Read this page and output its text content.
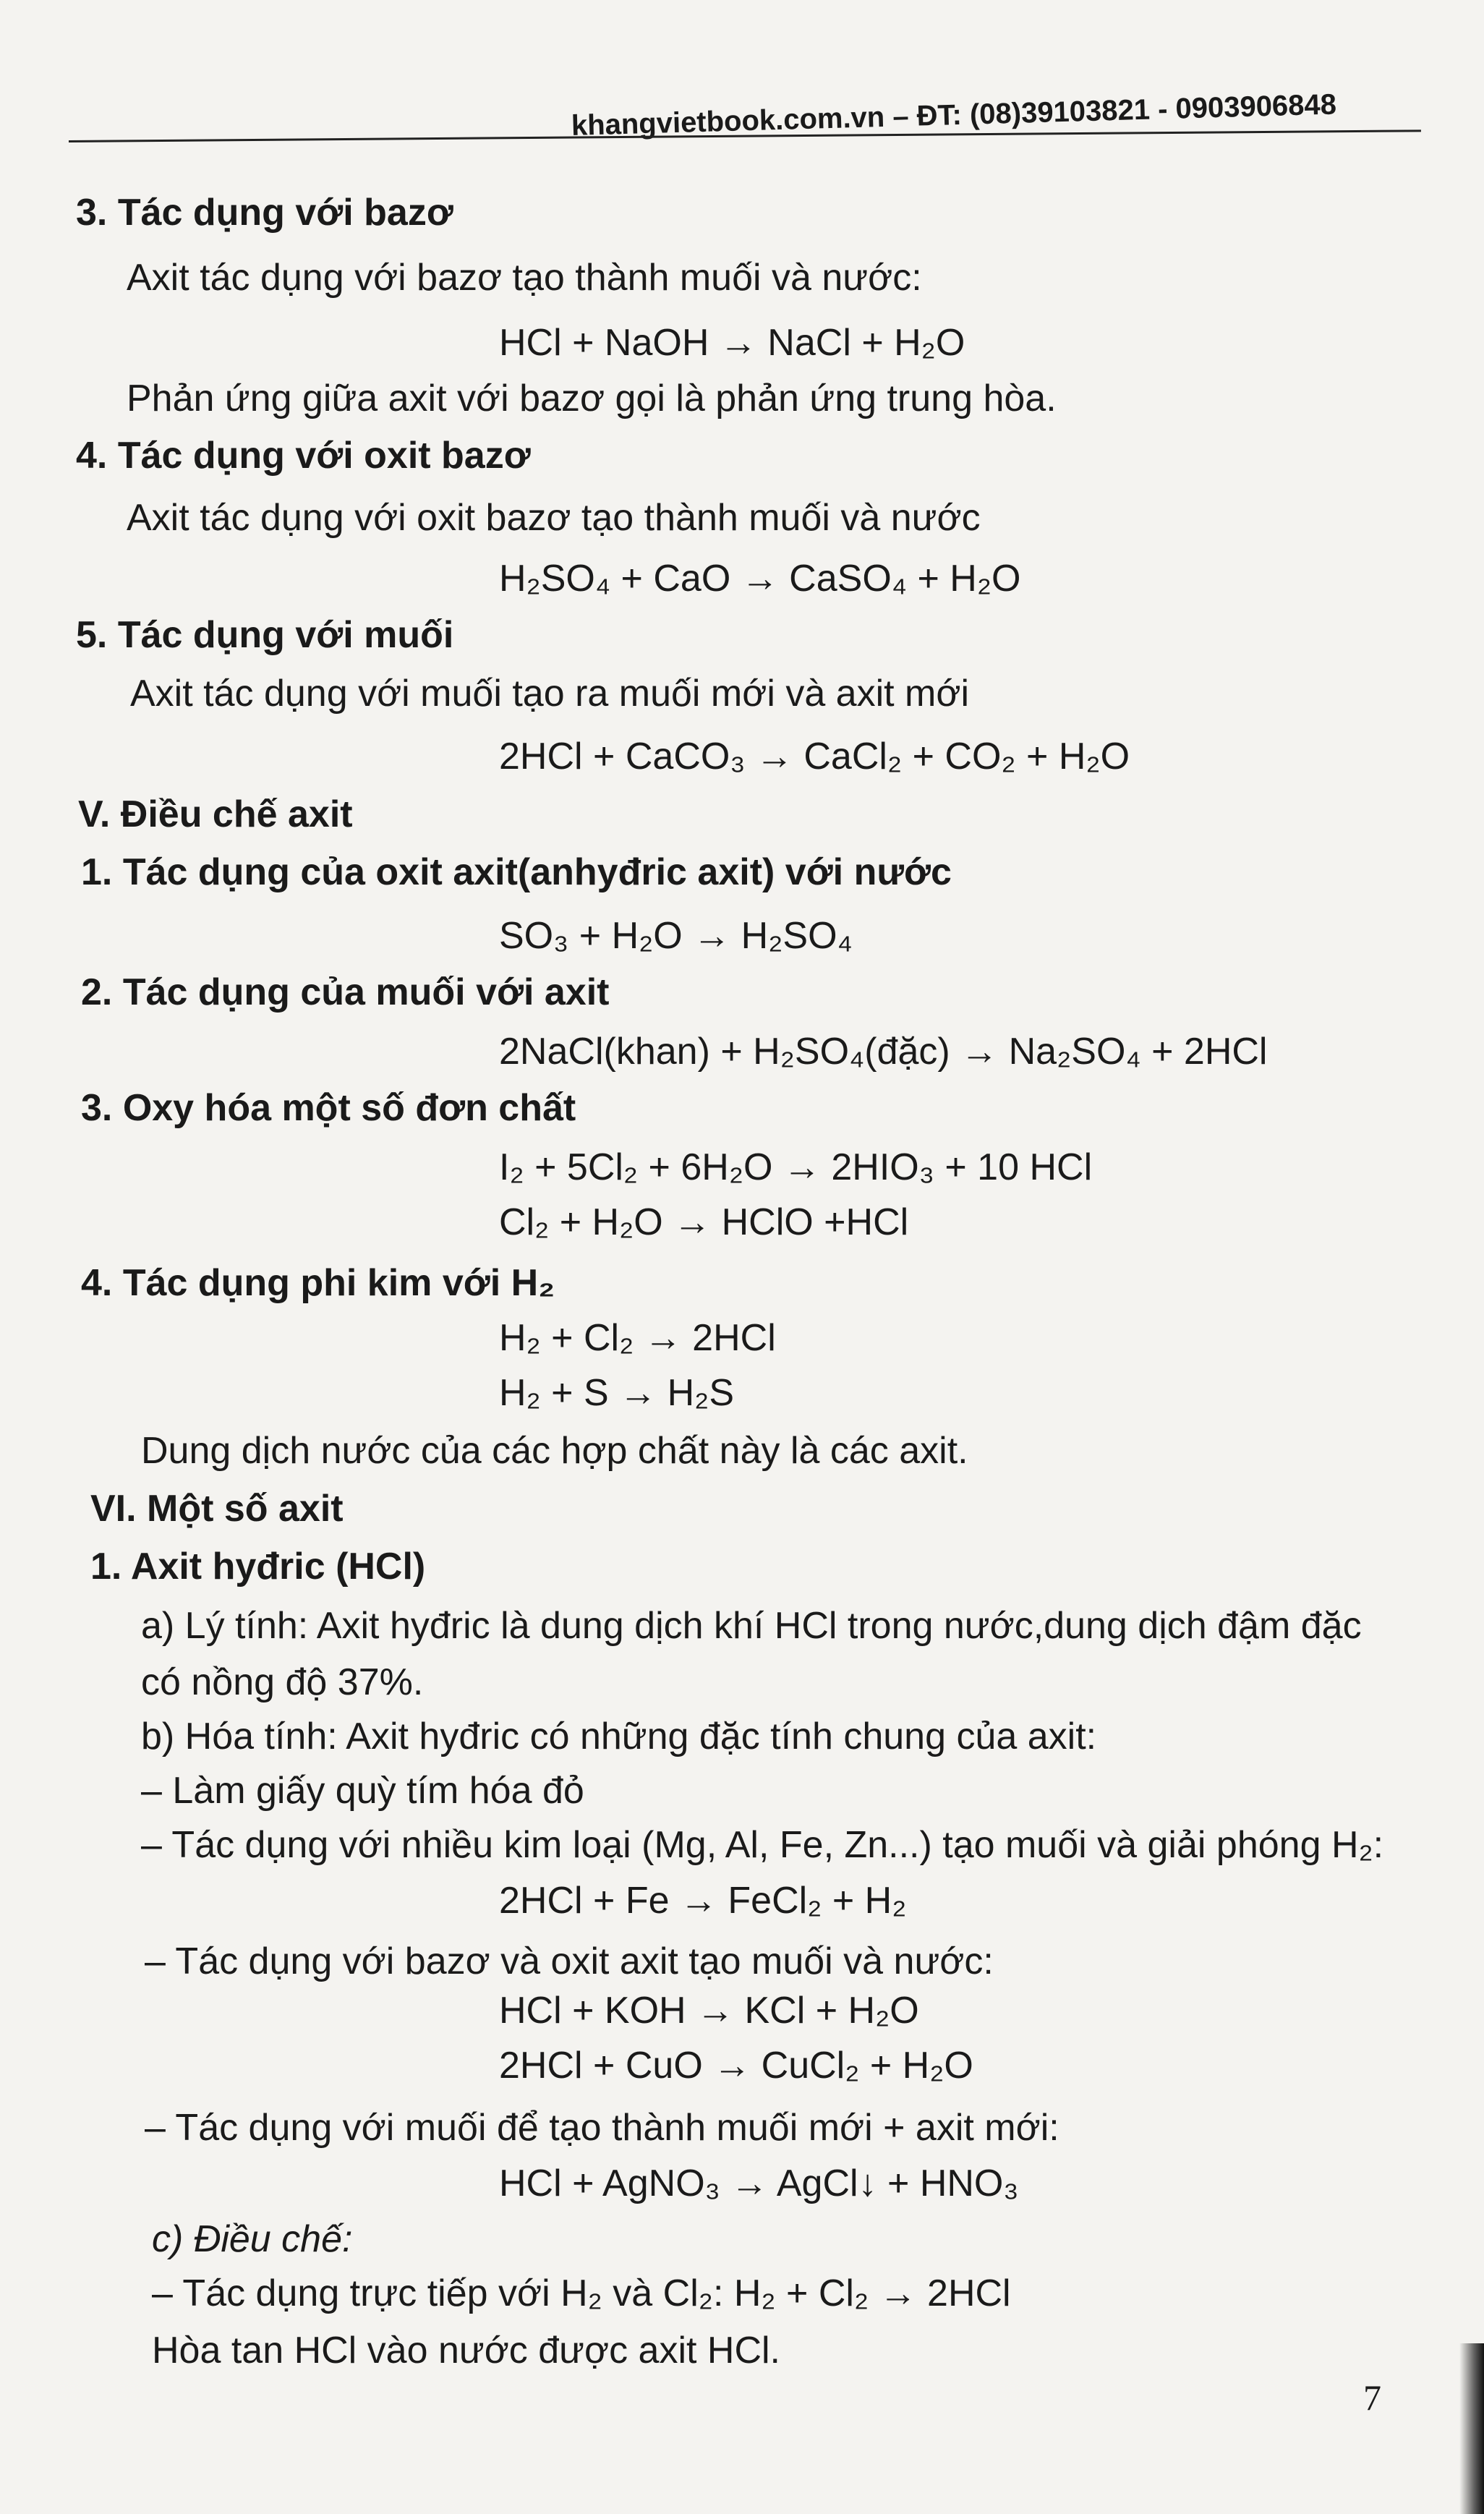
khangvietbook.com.vn – ĐT: (08)39103821 - 0903906848
3. Tác dụng với bazơ
Axit tác dụng với bazơ tạo thành muối và nước:
HCl + NaOH → NaCl + H₂O
Phản ứng giữa axit với bazơ gọi là phản ứng trung hòa.
4. Tác dụng với oxit bazơ
Axit tác dụng với oxit bazơ tạo thành muối và nước
H₂SO₄ + CaO → CaSO₄ + H₂O
5. Tác dụng với muối
Axit tác dụng với muối tạo ra muối mới và axit mới
2HCl + CaCO₃ → CaCl₂ + CO₂ + H₂O
V. Điều chế axit
1. Tác dụng của oxit axit(anhyđric axit) với nước
SO₃ + H₂O → H₂SO₄
2. Tác dụng của muối với axit
2NaCl(khan) + H₂SO₄(đặc) → Na₂SO₄ + 2HCl
3. Oxy hóa một số đơn chất
I₂ + 5Cl₂ + 6H₂O → 2HIO₃ + 10 HCl
Cl₂ + H₂O → HClO +HCl
4. Tác dụng phi kim với H₂
H₂ + Cl₂ → 2HCl
H₂ + S → H₂S
Dung dịch nước của các hợp chất này là các axit.
VI. Một số axit
1. Axit hyđric (HCl)
a) Lý tính: Axit hyđric là dung dịch khí HCl trong nước,dung dịch đậm đặc
có nồng độ 37%.
b) Hóa tính: Axit hyđric có những đặc tính chung của axit:
– Làm giấy quỳ tím hóa đỏ
– Tác dụng với nhiều kim loại (Mg, Al, Fe, Zn...) tạo muối và giải phóng H₂:
2HCl + Fe → FeCl₂ + H₂
– Tác dụng với bazơ và oxit axit tạo muối và nước:
HCl + KOH → KCl + H₂O
2HCl + CuO → CuCl₂ + H₂O
– Tác dụng với muối để tạo thành muối mới + axit mới:
HCl + AgNO₃ → AgCl↓ + HNO₃
c) Điều chế:
– Tác dụng trực tiếp với H₂ và Cl₂: H₂ + Cl₂ → 2HCl
Hòa tan HCl vào nước được axit HCl.
7
